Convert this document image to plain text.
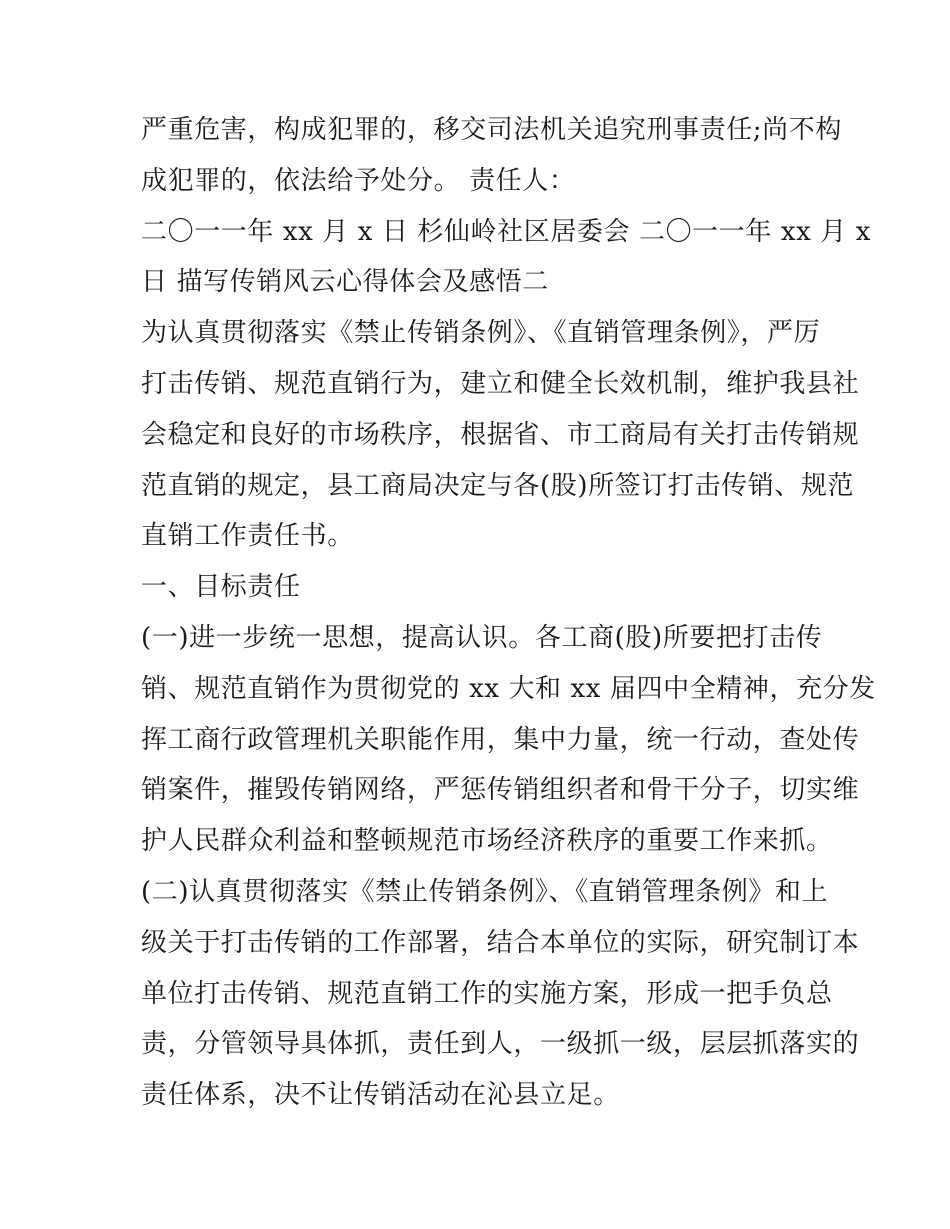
严重危害，构成犯罪的，移交司法机关追究刑事责任;尚不构
成犯罪的，依法给予处分。 责任人：
二〇一一年 xx 月 x 日 杉仙岭社区居委会 二〇一一年 xx 月 x
日 描写传销风云心得体会及感悟二
为认真贯彻落实《禁止传销条例》、《直销管理条例》，严厉
打击传销、规范直销行为，建立和健全长效机制，维护我县社
会稳定和良好的市场秩序，根据省、市工商局有关打击传销规
范直销的规定，县工商局决定与各(股)所签订打击传销、规范
直销工作责任书。
一、目标责任
(一)进一步统一思想，提高认识。各工商(股)所要把打击传
销、规范直销作为贯彻党的 xx 大和 xx 届四中全精神，充分发
挥工商行政管理机关职能作用，集中力量，统一行动，查处传
销案件，摧毁传销网络，严惩传销组织者和骨干分子，切实维
护人民群众利益和整顿规范市场经济秩序的重要工作来抓。
(二)认真贯彻落实《禁止传销条例》、《直销管理条例》和上
级关于打击传销的工作部署，结合本单位的实际，研究制订本
单位打击传销、规范直销工作的实施方案，形成一把手负总
责，分管领导具体抓，责任到人，一级抓一级，层层抓落实的
责任体系，决不让传销活动在沁县立足。
